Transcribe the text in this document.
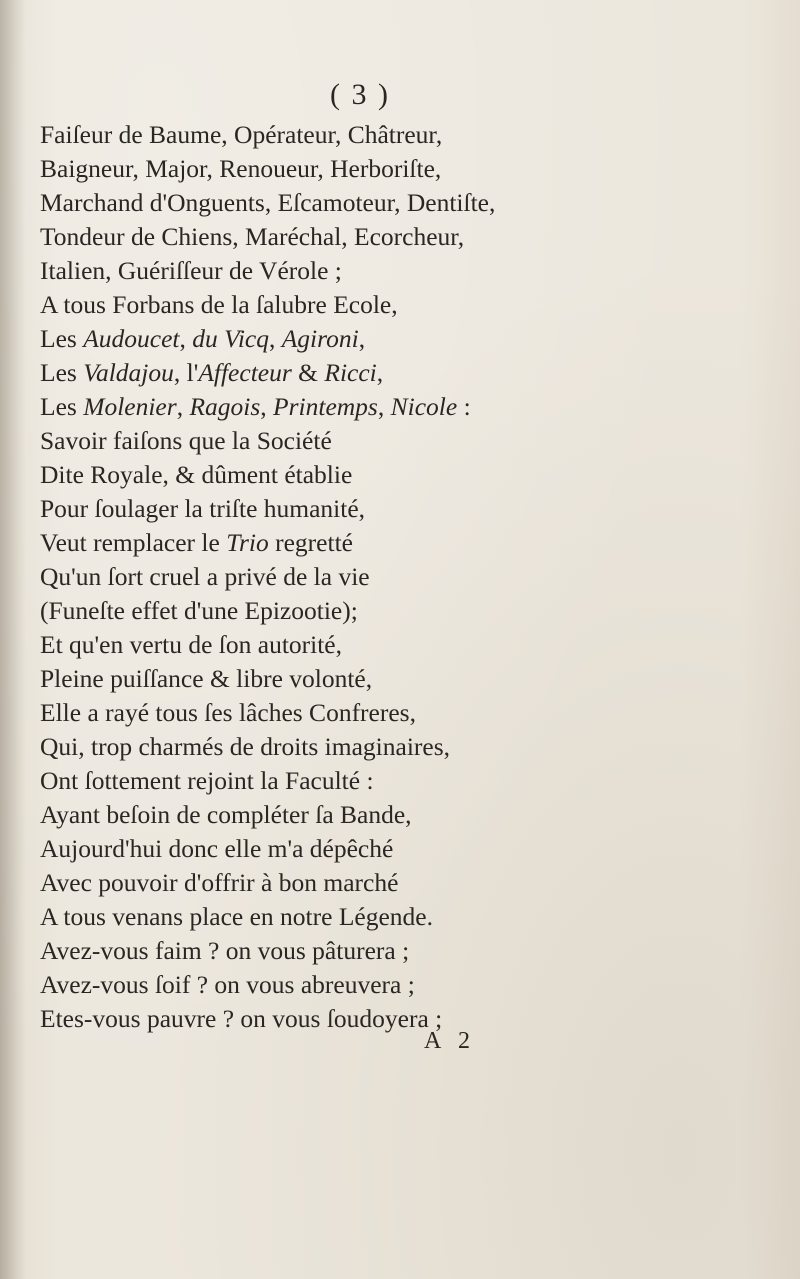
( 3 )
Faiſeur de Baume, Opérateur, Châtreur,
Baigneur, Major, Renoueur, Herboriſte,
Marchand d'Onguents, Eſcamoteur, Dentiſte,
Tondeur de Chiens, Maréchal, Ecorcheur,
Italien, Guériſſeur de Vérole ;
A tous Forbans de la ſalubre Ecole,
Les Audoucet, du Vicq, Agironi,
Les Valdajou, l'Affecteur & Ricci,
Les Molenier, Ragois, Printemps, Nicole :
Savoir faiſons que la Société
Dite Royale, & dûment établie
Pour ſoulager la triſte humanité,
Veut remplacer le Trio regretté
Qu'un ſort cruel a privé de la vie
(Funeſte effet d'une Epizootie);
Et qu'en vertu de ſon autorité,
Pleine puiſſance & libre volonté,
Elle a rayé tous ſes lâches Confreres,
Qui, trop charmés de droits imaginaires,
Ont ſottement rejoint la Faculté :
Ayant beſoin de compléter ſa Bande,
Aujourd'hui donc elle m'a dépêché
Avec pouvoir d'offrir à bon marché
A tous venans place en notre Légende.
Avez-vous faim ? on vous pâturera ;
Avez-vous ſoif ? on vous abreuvera ;
Etes-vous pauvre ? on vous ſoudoyera ;
A 2
